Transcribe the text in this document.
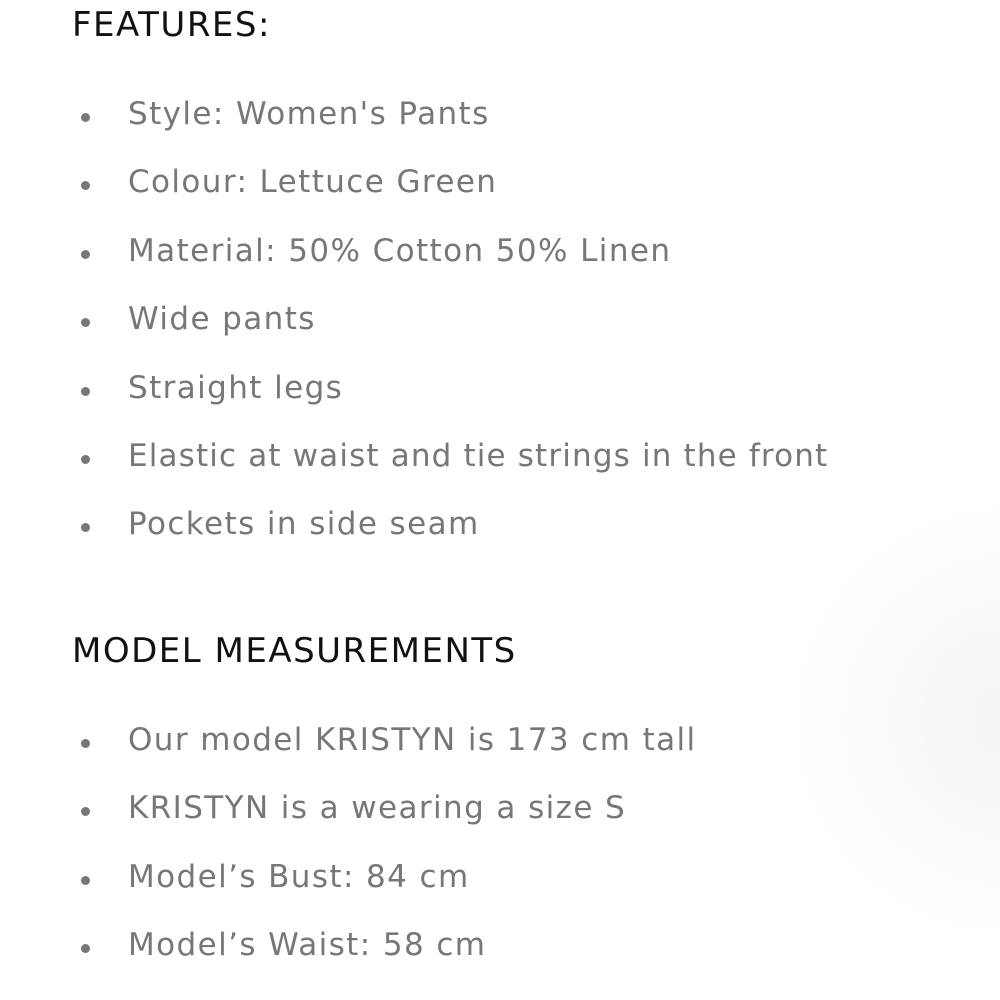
FEATURES:
Style: Women's Pants
Colour: Lettuce Green
Material: 50% Cotton 50% Linen
Wide pants
Straight legs
Elastic at waist and tie strings in the front
Pockets in side seam
MODEL MEASUREMENTS
Our model KRISTYN is 173 cm tall
KRISTYN is a wearing a size S
Model’s Bust: 84 cm
Model’s Waist: 58 cm
